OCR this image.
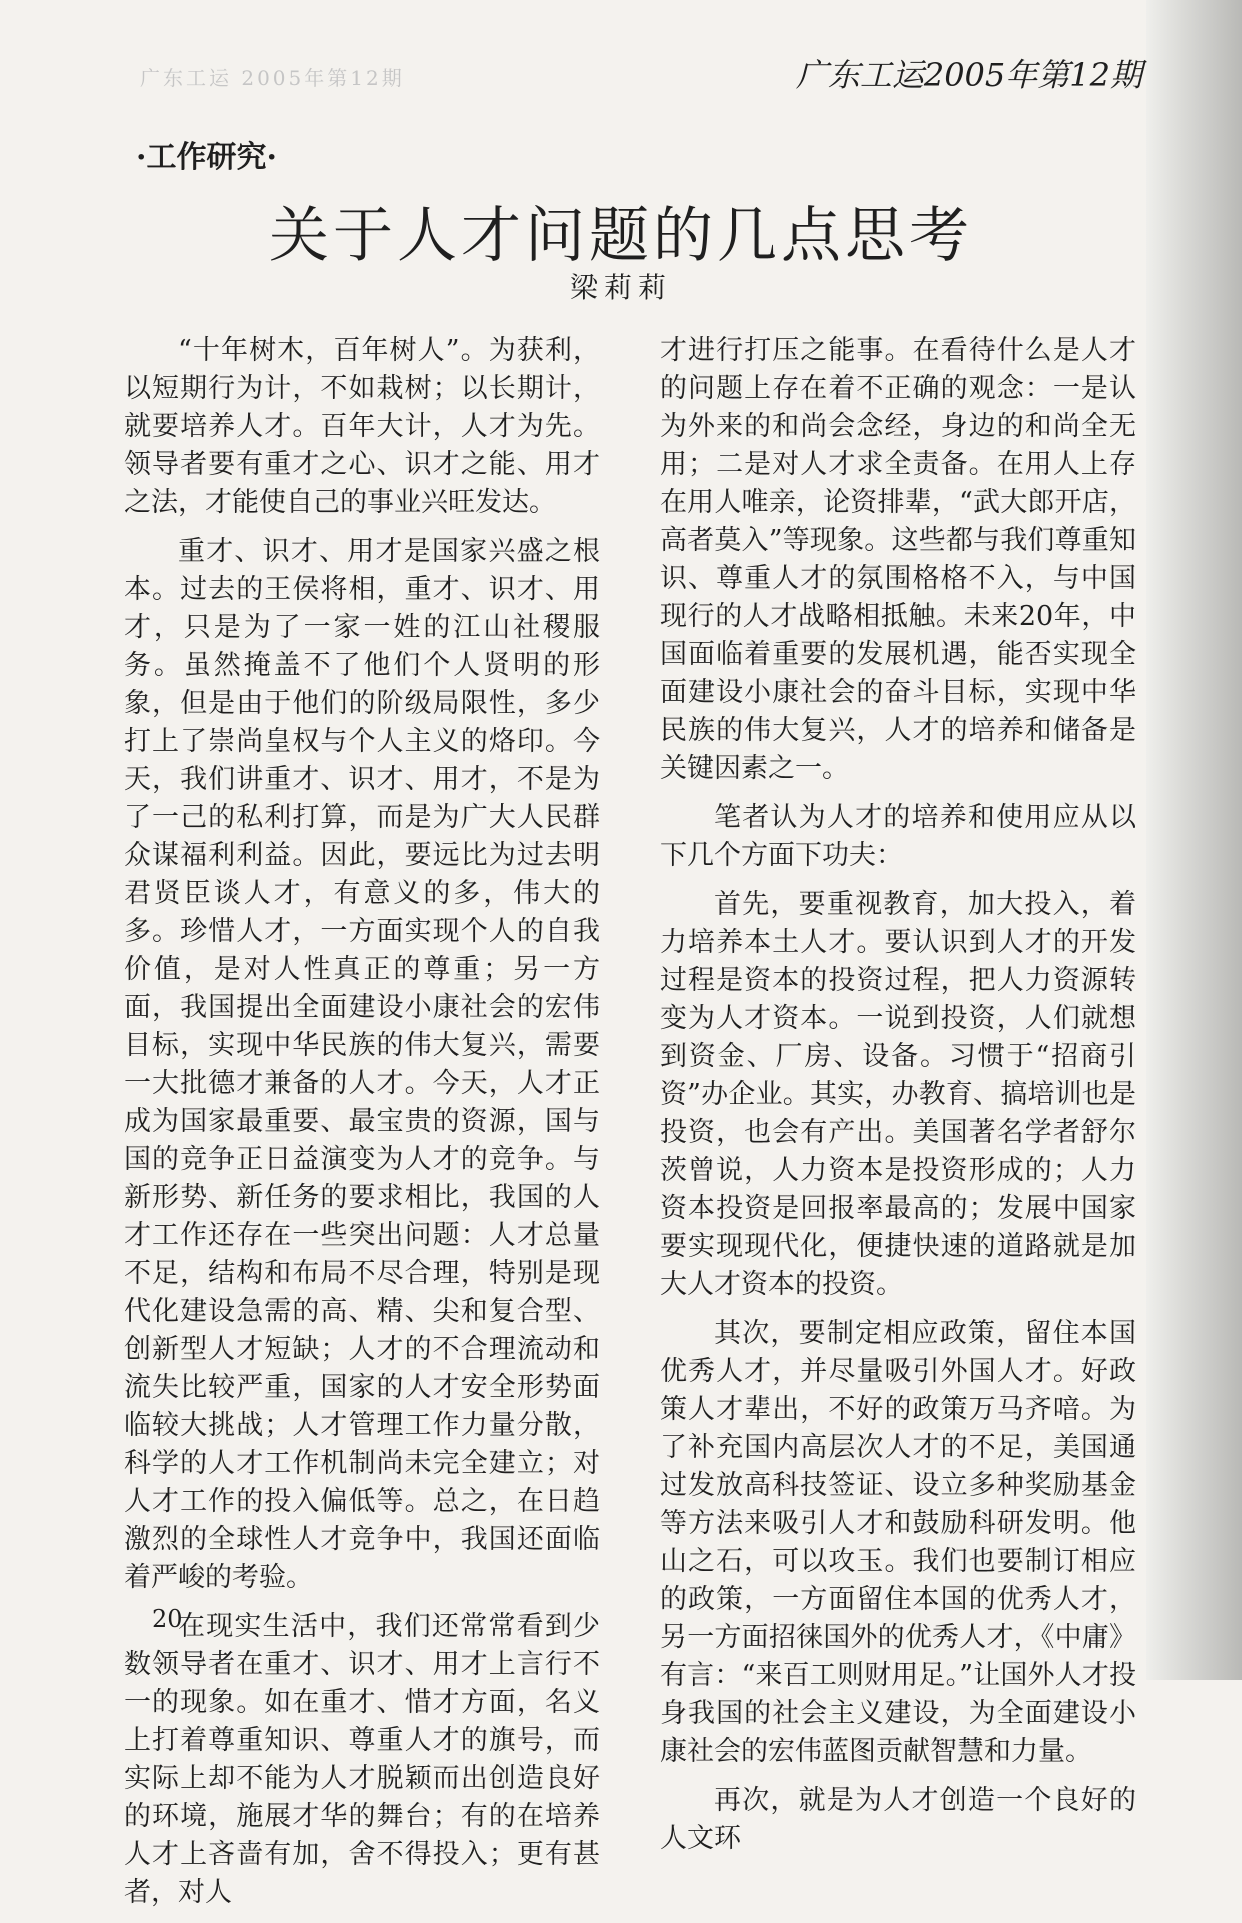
广东工运 2005年第12期	广东工运2005年第12期
·工作研究·
关于人才问题的几点思考
梁莉莉

“十年树木，百年树人”。为获利，以短期行为计，不如栽树；以长期计，就要培养人才。百年大计，人才为先。领导者要有重才之心、识才之能、用才之法，才能使自己的事业兴旺发达。

重才、识才、用才是国家兴盛之根本。过去的王侯将相，重才、识才、用才，只是为了一家一姓的江山社稷服务。虽然掩盖不了他们个人贤明的形象，但是由于他们的阶级局限性，多少打上了崇尚皇权与个人主义的烙印。今天，我们讲重才、识才、用才，不是为了一己的私利打算，而是为广大人民群众谋福利利益。因此，要远比为过去明君贤臣谈人才，有意义的多，伟大的多。珍惜人才，一方面实现个人的自我价值，是对人性真正的尊重；另一方面，我国提出全面建设小康社会的宏伟目标，实现中华民族的伟大复兴，需要一大批德才兼备的人才。今天，人才正成为国家最重要、最宝贵的资源，国与国的竞争正日益演变为人才的竞争。与新形势、新任务的要求相比，我国的人才工作还存在一些突出问题：人才总量不足，结构和布局不尽合理，特别是现代化建设急需的高、精、尖和复合型、创新型人才短缺；人才的不合理流动和流失比较严重，国家的人才安全形势面临较大挑战；人才管理工作力量分散，科学的人才工作机制尚未完全建立；对人才工作的投入偏低等。总之，在日趋激烈的全球性人才竞争中，我国还面临着严峻的考验。

在现实生活中，我们还常常看到少数领导者在重才、识才、用才上言行不一的现象。如在重才、惜才方面，名义上打着尊重知识、尊重人才的旗号，而实际上却不能为人才脱颖而出创造良好的环境，施展才华的舞台；有的在培养人才上吝啬有加，舍不得投入；更有甚者，对人

才进行打压之能事。在看待什么是人才的问题上存在着不正确的观念：一是认为外来的和尚会念经，身边的和尚全无用；二是对人才求全责备。在用人上存在用人唯亲，论资排辈，“武大郎开店，高者莫入”等现象。这些都与我们尊重知识、尊重人才的氛围格格不入，与中国现行的人才战略相抵触。未来20年，中国面临着重要的发展机遇，能否实现全面建设小康社会的奋斗目标，实现中华民族的伟大复兴，人才的培养和储备是关键因素之一。

笔者认为人才的培养和使用应从以下几个方面下功夫：

首先，要重视教育，加大投入，着力培养本土人才。要认识到人才的开发过程是资本的投资过程，把人力资源转变为人才资本。一说到投资，人们就想到资金、厂房、设备。习惯于“招商引资”办企业。其实，办教育、搞培训也是投资，也会有产出。美国著名学者舒尔茨曾说，人力资本是投资形成的；人力资本投资是回报率最高的；发展中国家要实现现代化，便捷快速的道路就是加大人才资本的投资。

其次，要制定相应政策，留住本国优秀人才，并尽量吸引外国人才。好政策人才辈出，不好的政策万马齐喑。为了补充国内高层次人才的不足，美国通过发放高科技签证、设立多种奖励基金等方法来吸引人才和鼓励科研发明。他山之石，可以攻玉。我们也要制订相应的政策，一方面留住本国的优秀人才，另一方面招徕国外的优秀人才，《中庸》有言：“来百工则财用足。”让国外人才投身我国的社会主义建设，为全面建设小康社会的宏伟蓝图贡献智慧和力量。

再次，就是为人才创造一个良好的人文环

20
